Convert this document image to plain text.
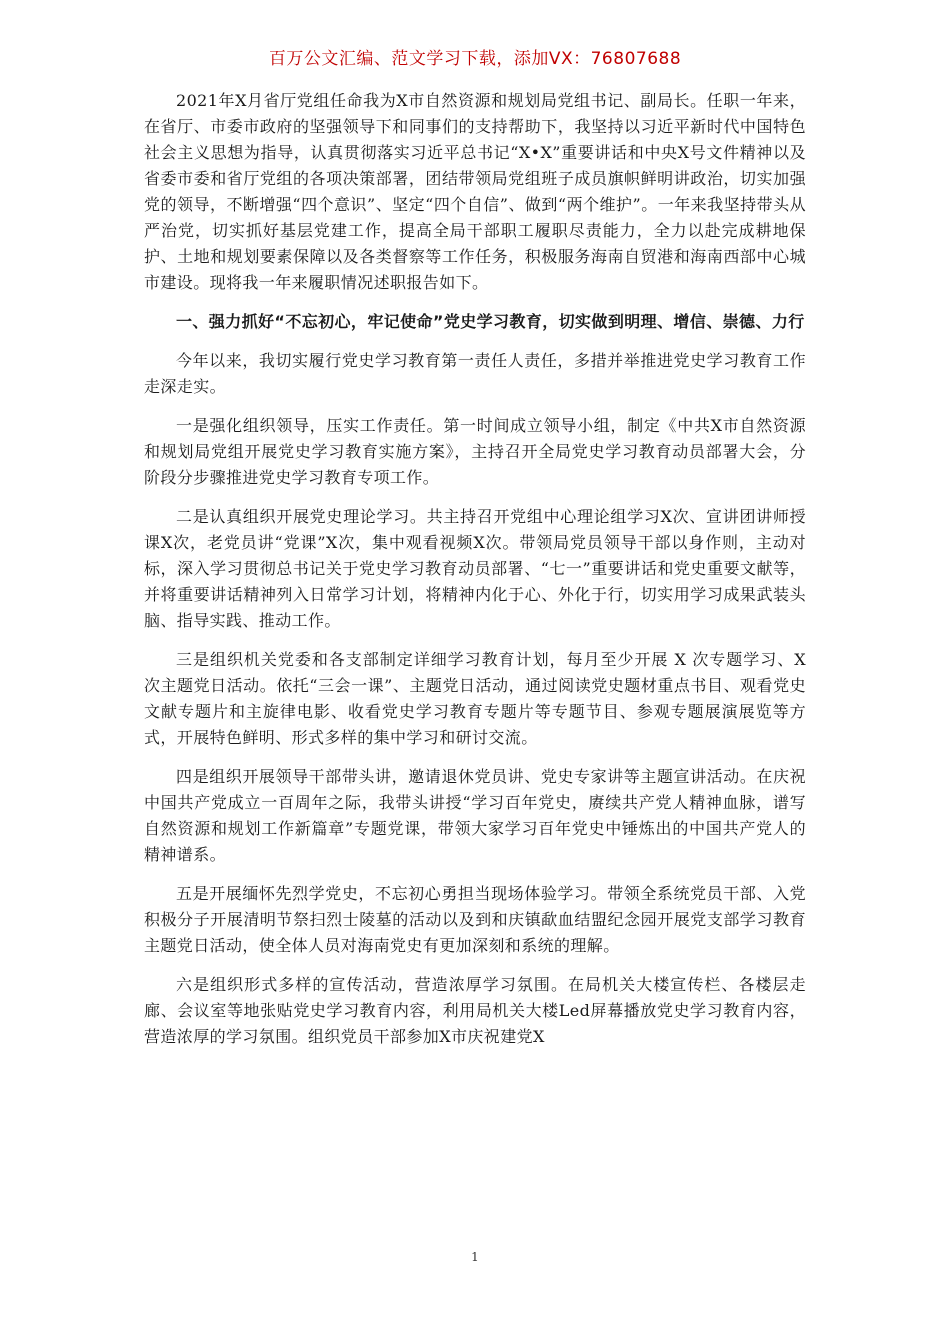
百万公文汇编、范文学习下载，添加VX：76807688

2021年X月省厅党组任命我为X市自然资源和规划局党组书记、副局长。任职一年来，在省厅、市委市政府的坚强领导下和同事们的支持帮助下，我坚持以习近平新时代中国特色社会主义思想为指导，认真贯彻落实习近平总书记“X•X”重要讲话和中央X号文件精神以及省委市委和省厅党组的各项决策部署，团结带领局党组班子成员旗帜鲜明讲政治，切实加强党的领导，不断增强“四个意识”、坚定“四个自信”、做到“两个维护”。一年来我坚持带头从严治党，切实抓好基层党建工作，提高全局干部职工履职尽责能力，全力以赴完成耕地保护、土地和规划要素保障以及各类督察等工作任务，积极服务海南自贸港和海南西部中心城市建设。现将我一年来履职情况述职报告如下。

一、强力抓好“不忘初心，牢记使命”党史学习教育，切实做到明理、增信、崇德、力行

今年以来，我切实履行党史学习教育第一责任人责任，多措并举推进党史学习教育工作走深走实。

一是强化组织领导，压实工作责任。第一时间成立领导小组，制定《中共X市自然资源和规划局党组开展党史学习教育实施方案》，主持召开全局党史学习教育动员部署大会，分阶段分步骤推进党史学习教育专项工作。

二是认真组织开展党史理论学习。共主持召开党组中心理论组学习X次、宣讲团讲师授课X次，老党员讲“党课”X次，集中观看视频X次。带领局党员领导干部以身作则，主动对标，深入学习贯彻总书记关于党史学习教育动员部署、“七一”重要讲话和党史重要文献等，并将重要讲话精神列入日常学习计划，将精神内化于心、外化于行，切实用学习成果武装头脑、指导实践、推动工作。

三是组织机关党委和各支部制定详细学习教育计划，每月至少开展 X 次专题学习、X 次主题党日活动。依托“三会一课”、主题党日活动，通过阅读党史题材重点书目、观看党史文献专题片和主旋律电影、收看党史学习教育专题片等专题节目、参观专题展演展览等方式，开展特色鲜明、形式多样的集中学习和研讨交流。

四是组织开展领导干部带头讲，邀请退休党员讲、党史专家讲等主题宣讲活动。在庆祝中国共产党成立一百周年之际，我带头讲授“学习百年党史，赓续共产党人精神血脉，谱写自然资源和规划工作新篇章”专题党课，带领大家学习百年党史中锤炼出的中国共产党人的精神谱系。

五是开展缅怀先烈学党史，不忘初心勇担当现场体验学习。带领全系统党员干部、入党积极分子开展清明节祭扫烈士陵墓的活动以及到和庆镇歃血结盟纪念园开展党支部学习教育主题党日活动，使全体人员对海南党史有更加深刻和系统的理解。

六是组织形式多样的宣传活动，营造浓厚学习氛围。在局机关大楼宣传栏、各楼层走廊、会议室等地张贴党史学习教育内容，利用局机关大楼Led屏幕播放党史学习教育内容，营造浓厚的学习氛围。组织党员干部参加X市庆祝建党X

1
